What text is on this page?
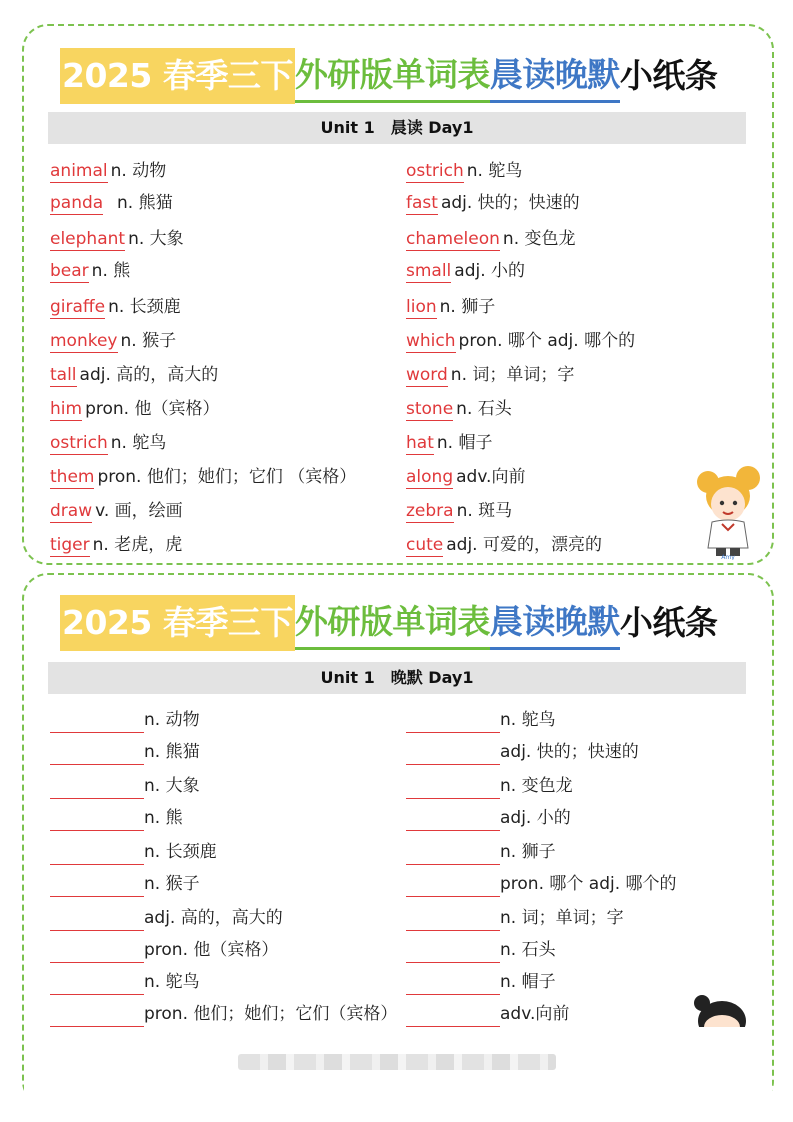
2025 春季三下 外研版单词表 晨读晚默 小纸条
Unit 1　晨读 Day1
animal n. 动物
panda  n. 熊猫
elephant n. 大象
bear n. 熊
giraffe n. 长颈鹿
monkey n. 猴子
tall adj. 高的，高大的
him pron. 他（宾格）
ostrich n. 鸵鸟
them pron. 他们；她们；它们 （宾格）
draw v. 画，绘画
tiger n. 老虎，虎
ostrich n. 鸵鸟
fast adj. 快的；快速的
chameleon n. 变色龙
small adj. 小的
lion n. 狮子
which pron. 哪个 adj. 哪个的
word n. 词；单词；字
stone n. 石头
hat n. 帽子
along adv.向前
zebra n. 斑马
cute adj. 可爱的，漂亮的
Amy
2025 春季三下 外研版单词表 晨读晚默 小纸条
Unit 1　晚默 Day1
n. 动物
n. 熊猫
n. 大象
n. 熊
n. 长颈鹿
n. 猴子
adj. 高的，高大的
pron. 他（宾格）
n. 鸵鸟
pron. 他们；她们；它们（宾格）
n. 鸵鸟
adj. 快的；快速的
n. 变色龙
adj. 小的
n. 狮子
pron. 哪个 adj. 哪个的
n. 词；单词；字
n. 石头
n. 帽子
adv.向前
